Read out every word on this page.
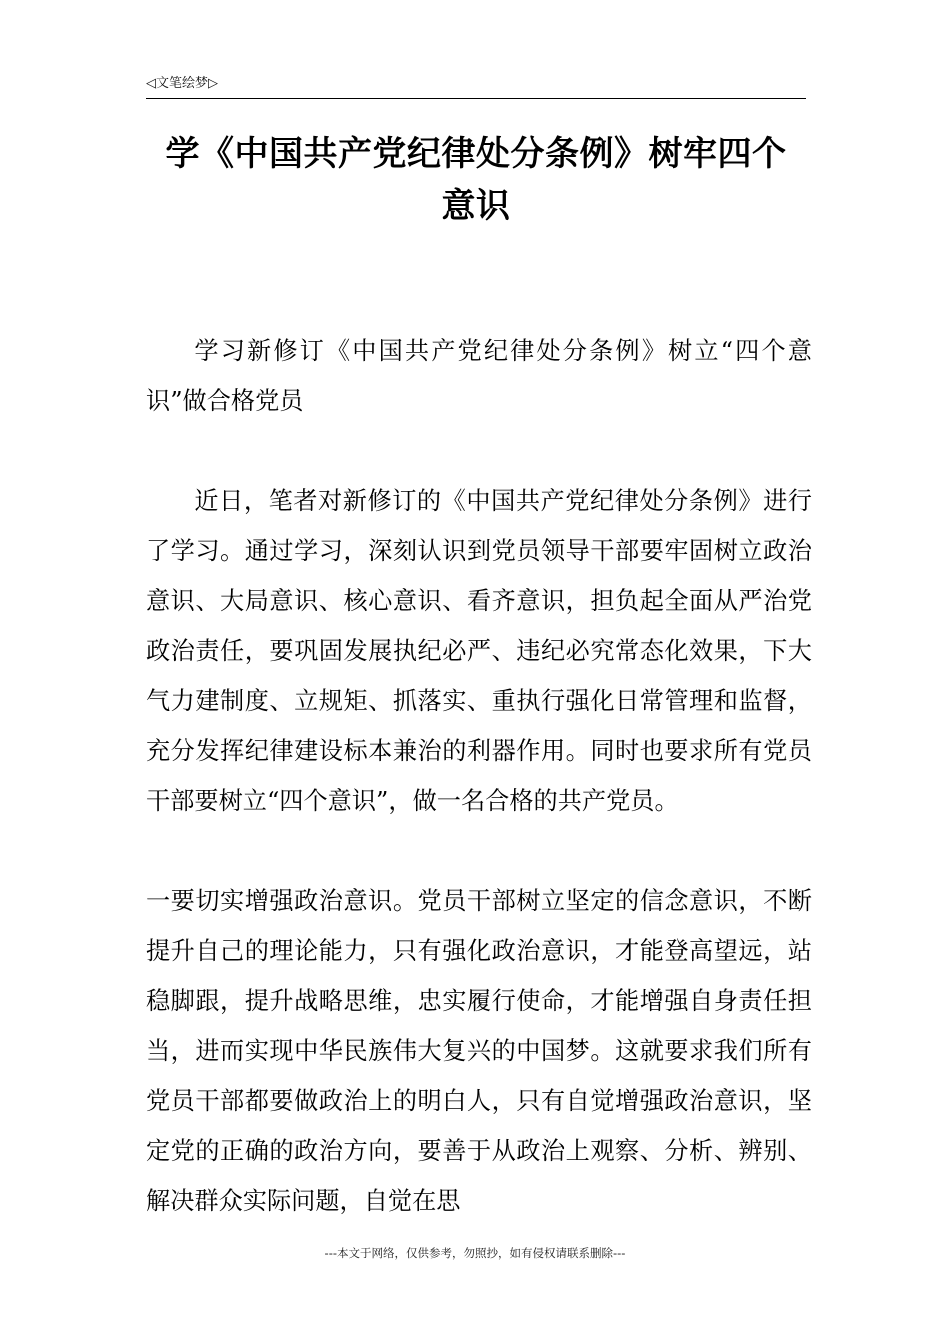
◁文笔绘梦▷
学《中国共产党纪律处分条例》树牢四个
意识

学习新修订《中国共产党纪律处分条例》树立“四个意识”做合格党员

近日，笔者对新修订的《中国共产党纪律处分条例》进行了学习。通过学习，深刻认识到党员领导干部要牢固树立政治意识、大局意识、核心意识、看齐意识，担负起全面从严治党政治责任，要巩固发展执纪必严、违纪必究常态化效果，下大气力建制度、立规矩、抓落实、重执行强化日常管理和监督，充分发挥纪律建设标本兼治的利器作用。同时也要求所有党员干部要树立“四个意识”，做一名合格的共产党员。

一要切实增强政治意识。党员干部树立坚定的信念意识，不断提升自己的理论能力，只有强化政治意识，才能登高望远，站稳脚跟，提升战略思维，忠实履行使命，才能增强自身责任担当，进而实现中华民族伟大复兴的中国梦。这就要求我们所有党员干部都要做政治上的明白人，只有自觉增强政治意识，坚定党的正确的政治方向，要善于从政治上观察、分析、辨别、解决群众实际问题，自觉在思

---本文于网络，仅供参考，勿照抄，如有侵权请联系删除---
